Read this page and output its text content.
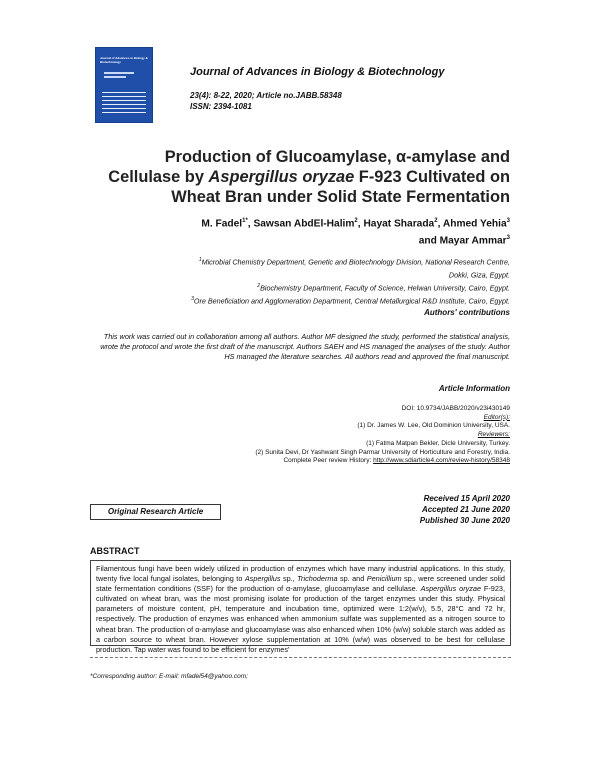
Journal of Advances in Biology & Biotechnology
Journal of Advances in Biology & Biotechnology
23(4): 8-22, 2020; Article no.JABB.58348
ISSN: 2394-1081
Production of Glucoamylase, α-amylase and
Cellulase by Aspergillus oryzae F-923 Cultivated on
Wheat Bran under Solid State Fermentation
M. Fadel$^{1*}$, Sawsan AbdEl-Halim$^2$, Hayat Sharada$^2$, Ahmed Yehia$^3$
and Mayar Ammar$^3$
$^1$Microbial Chemistry Department, Genetic and Biotechnology Division, National Research Centre,
Dokki, Giza, Egypt.
$^2$Biochemistry Department, Faculty of Science, Helwan University, Cairo, Egypt.
$^3$Ore Beneficiation and Agglomeration Department, Central Metallurgical R&D Institute, Cairo, Egypt.
Authors' contributions
This work was carried out in collaboration among all authors. Author MF designed the study, performed the statistical analysis, wrote the protocol and wrote the first draft of the manuscript. Authors SAEH and HS managed the analyses of the study. Author HS managed the literature searches. All authors read and approved the final manuscript.
Article Information
DOI: 10.9734/JABB/2020/v23i430149
Editor(s):
(1) Dr. James W. Lee, Old Dominion University, USA.
Reviewers:
(1) Fatma Matpan Bekler, Dicle University, Turkey.
(2) Sunita Devi, Dr Yashwant Singh Parmar University of Horticulture and Forestry, India.
Complete Peer review History: http://www.sdiarticle4.com/review-history/58348
Received 15 April 2020
Accepted 21 June 2020
Published 30 June 2020
Original Research Article
ABSTRACT
Filamentous fungi have been widely utilized in production of enzymes which have many industrial applications. In this study, twenty five local fungal isolates, belonging to Aspergillus sp., Trichoderma sp. and Penicillium sp., were screened under solid state fermentation conditions (SSF) for the production of α-amylase, glucoamylase and cellulase. Aspergillus oryzae F-923, cultivated on wheat bran, was the most promising isolate for production of the target enzymes under this study. Physical parameters of moisture content, pH, temperature and incubation time, optimized were 1:2(w/v), 5.5, 28°C and 72 hr, respectively. The production of enzymes was enhanced when ammonium sulfate was supplemented as a nitrogen source to wheat bran. The production of α-amylase and glucoamylase was also enhanced when 10% (w/w) soluble starch was added as a carbon source to wheat bran. However xylose supplementation at 10% (w/w) was observed to be best for cellulase production. Tap water was found to be efficient for enzymes'
*Corresponding author: E-mail: mfadel54@yahoo.com;
